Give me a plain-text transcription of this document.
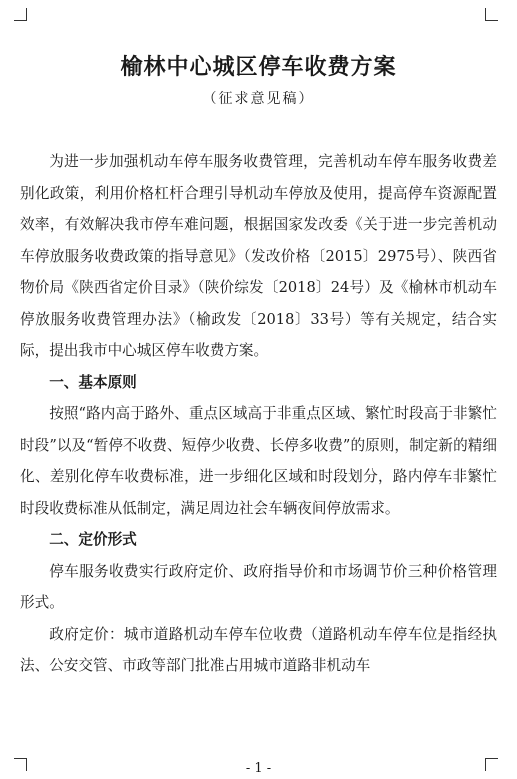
榆林中心城区停车收费方案
（征求意见稿）

为进一步加强机动车停车服务收费管理，完善机动车停车服务收费差别化政策，利用价格杠杆合理引导机动车停放及使用，提高停车资源配置效率，有效解决我市停车难问题，根据国家发改委《关于进一步完善机动车停放服务收费政策的指导意见》（发改价格〔2015〕2975号）、陕西省物价局《陕西省定价目录》（陕价综发〔2018〕24号）及《榆林市机动车停放服务收费管理办法》（榆政发〔2018〕33号）等有关规定，结合实际，提出我市中心城区停车收费方案。

一、基本原则

按照“路内高于路外、重点区域高于非重点区域、繁忙时段高于非繁忙时段”以及“暂停不收费、短停少收费、长停多收费”的原则，制定新的精细化、差别化停车收费标准，进一步细化区域和时段划分，路内停车非繁忙时段收费标准从低制定，满足周边社会车辆夜间停放需求。

二、定价形式

停车服务收费实行政府定价、政府指导价和市场调节价三种价格管理形式。

政府定价：城市道路机动车停车位收费（道路机动车停车位是指经执法、公安交管、市政等部门批准占用城市道路非机动车

- 1 -
